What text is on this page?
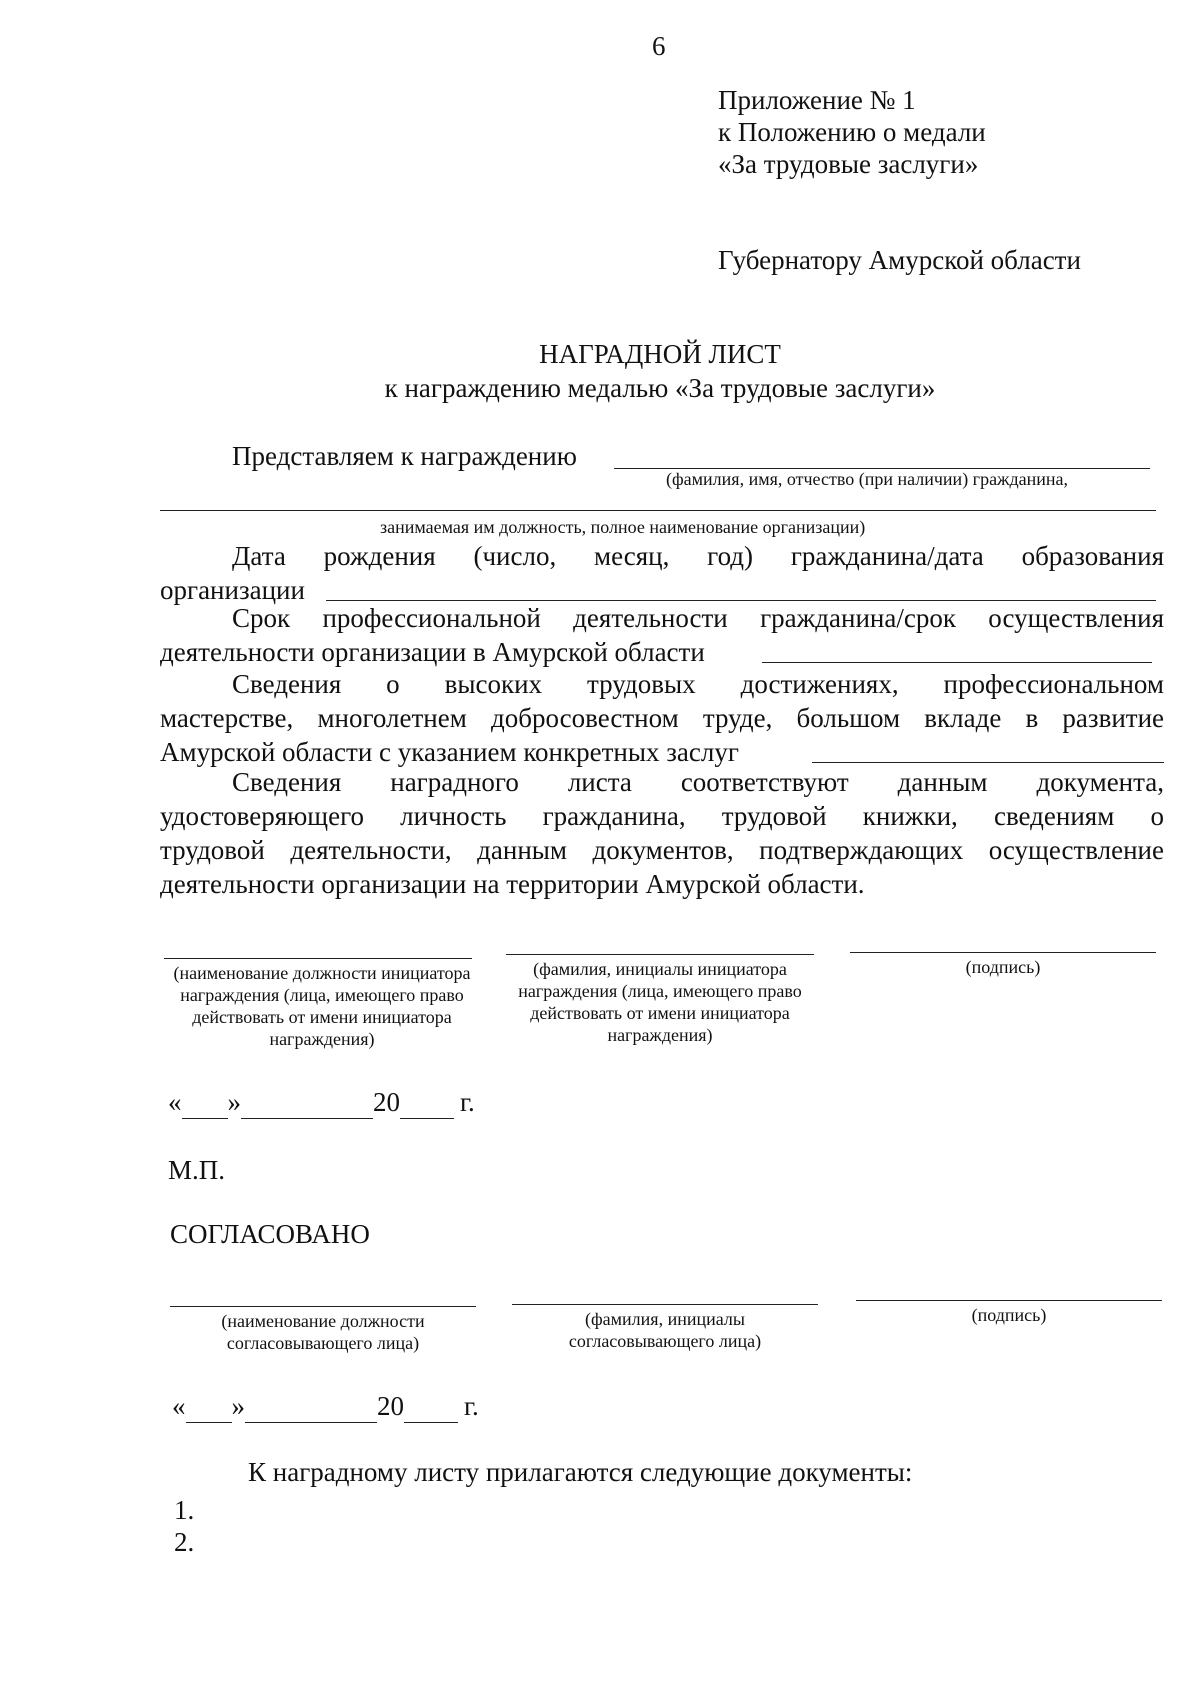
6
Приложение № 1
к Положению о медали
«За трудовые заслуги»
Губернатору Амурской области
НАГРАДНОЙ ЛИСТ
к награждению медалью «За трудовые заслуги»
Представляем к награждению
(фамилия, имя, отчество (при наличии) гражданина,
занимаемая им должность, полное наименование организации)
Дата рождения (число, месяц, год) гражданина/дата образования
организации
Срок профессиональной деятельности гражданина/срок осуществления
деятельности организации в Амурской области
Сведения о высоких трудовых достижениях, профессиональном
мастерстве, многолетнем добросовестном труде, большом вкладе в развитие
Амурской области с указанием конкретных заслуг
Сведения наградного листа соответствуют данным документа,
удостоверяющего личность гражданина, трудовой книжки, сведениям о
трудовой деятельности, данным документов, подтверждающих осуществление
деятельности организации на территории Амурской области.
(наименование должности инициатора награждения (лица, имеющего право действовать от имени инициатора награждения)
(фамилия, инициалы инициатора награждения (лица, имеющего право действовать от имени инициатора награждения)
(подпись)
« »	20 г.
М.П.
СОГЛАСОВАНО
(наименование должности согласовывающего лица)
(фамилия, инициалы согласовывающего лица)
(подпись)
« »	20 г.
К наградному листу прилагаются следующие документы:
1.
2.
